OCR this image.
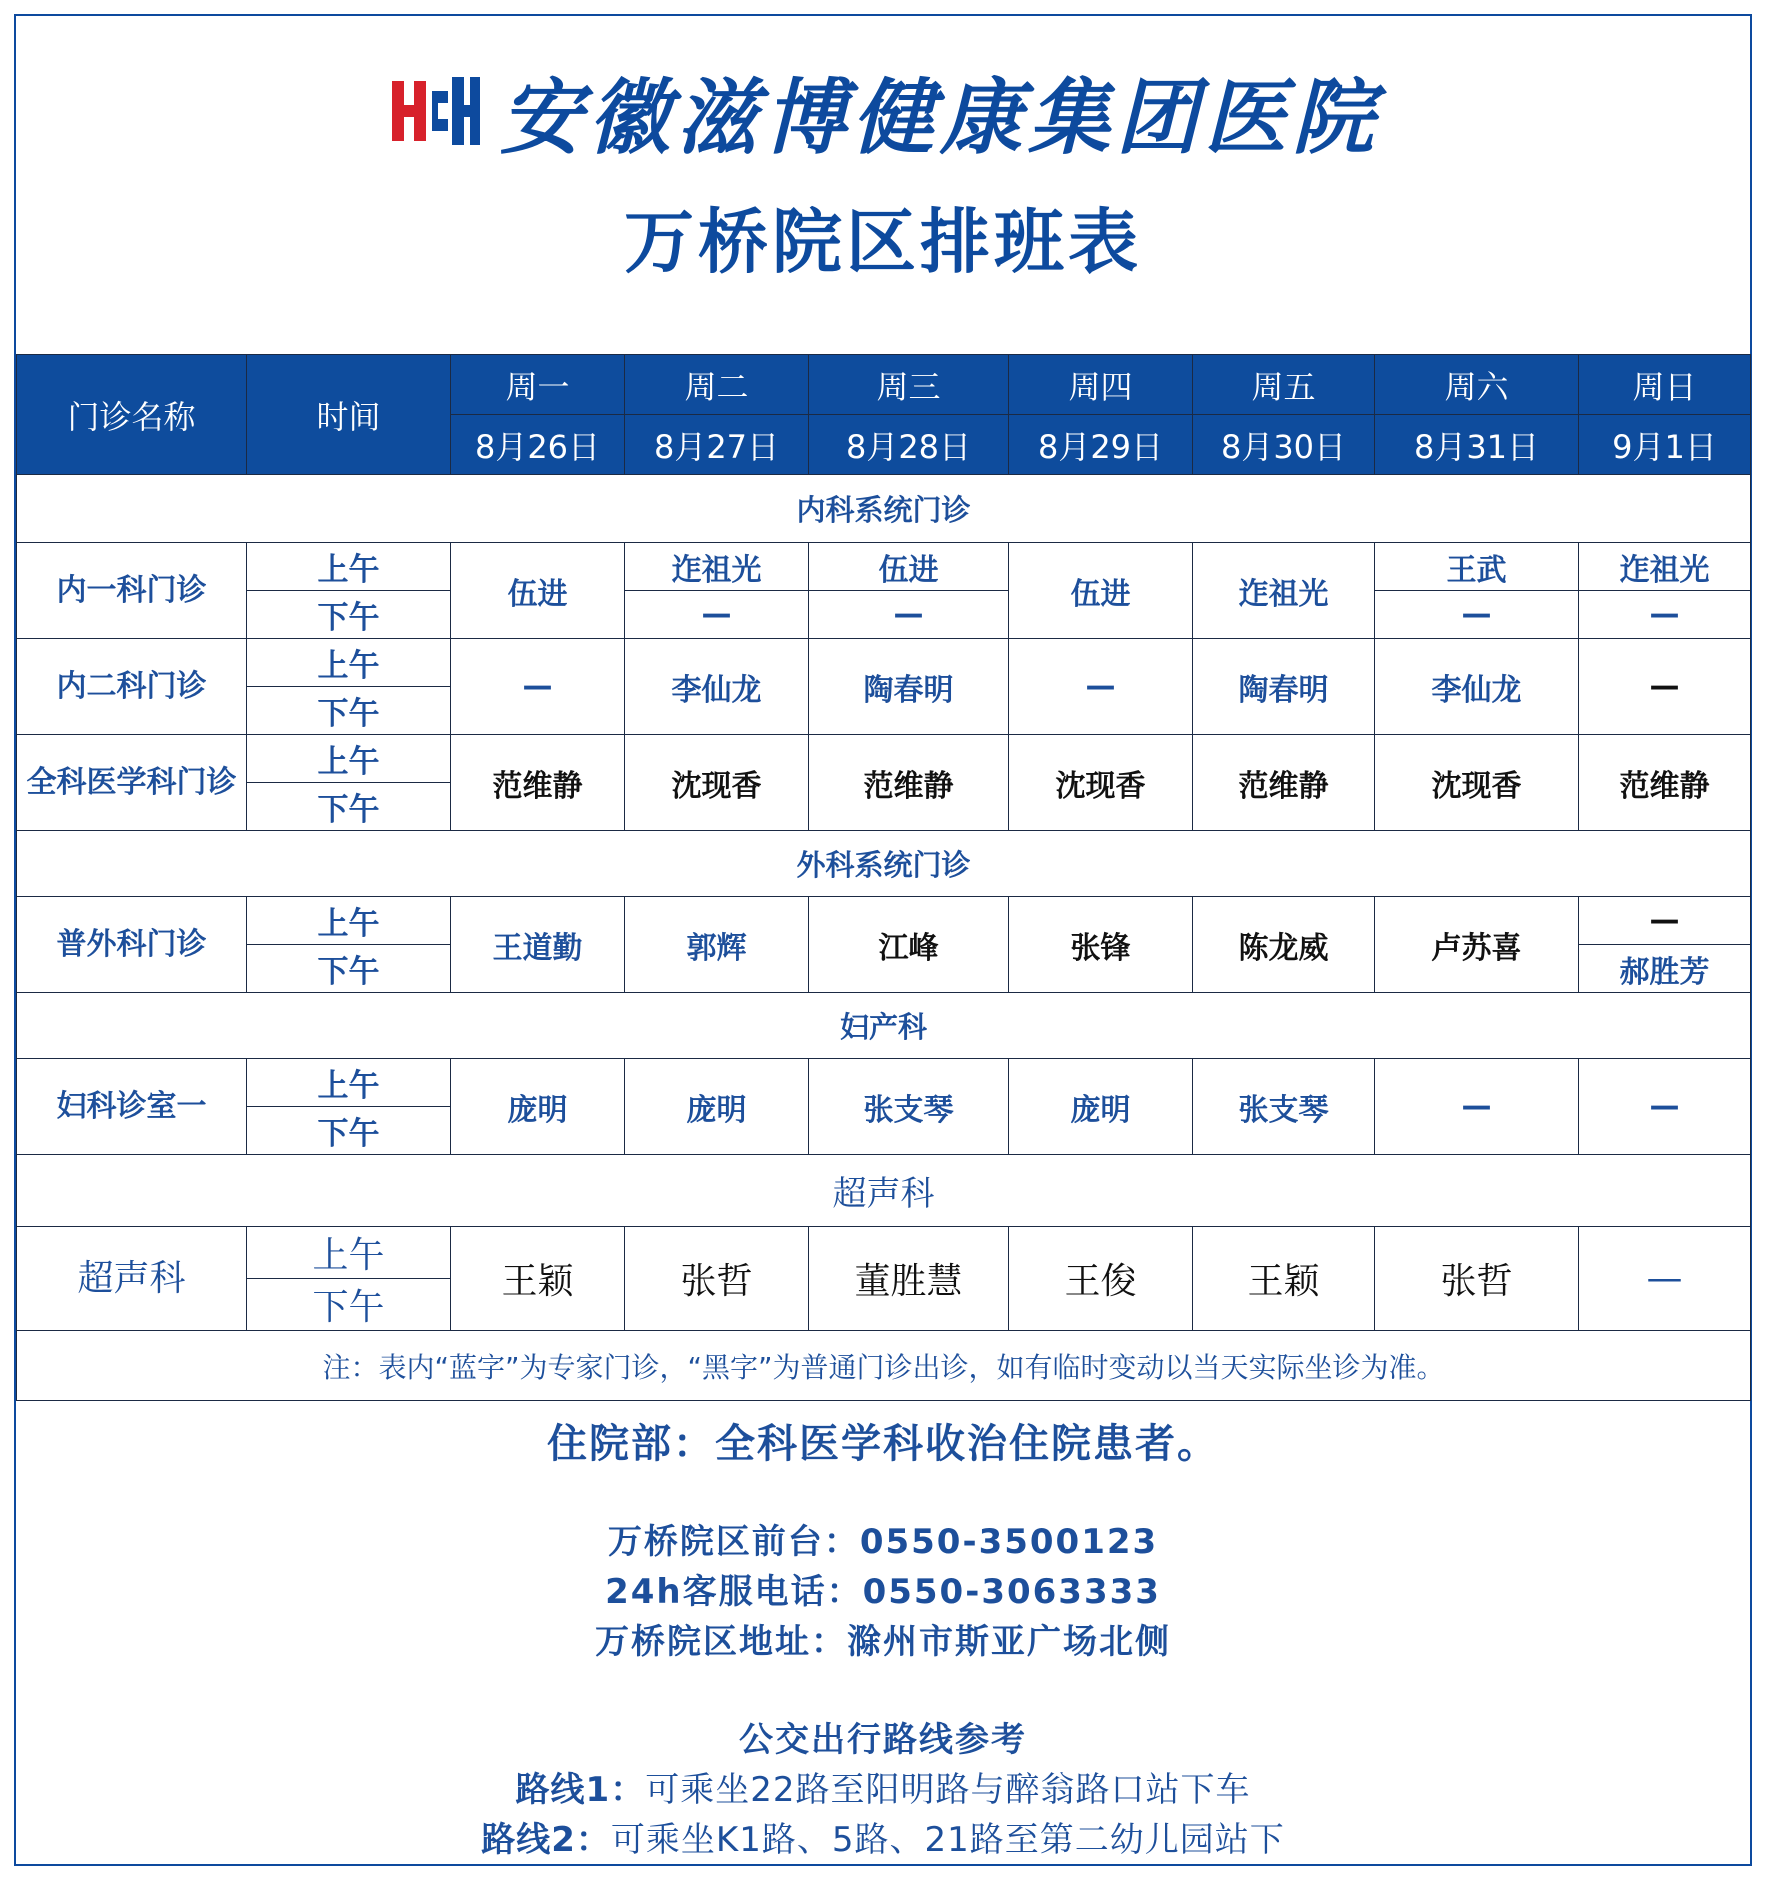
安徽滋博健康集团医院
万桥院区排班表
门诊名称	时间	周一	周二	周三	周四	周五	周六	周日
		8月26日	8月27日	8月28日	8月29日	8月30日	8月31日	9月1日
内科系统门诊								
内一科门诊	上午	伍进	迮祖光	伍进	伍进	迮祖光	王武	迮祖光
	下午		—	—			—	—
内二科门诊	上午	—	李仙龙	陶春明	—	陶春明	李仙龙	—
	下午							
全科医学科门诊	上午	范维静	沈现香	范维静	沈现香	范维静	沈现香	范维静
	下午							
外科系统门诊								
普外科门诊	上午	王道勤	郭辉	江峰	张锋	陈龙威	卢苏喜	—
	下午							郝胜芳
妇产科								
妇科诊室一	上午	庞明	庞明	张支琴	庞明	张支琴	—	—
	下午							
超声科								
超声科	上午	王颖	张哲	董胜慧	王俊	王颖	张哲	—
	下午							
注：表内“蓝字”为专家门诊，“黑字”为普通门诊出诊，如有临时变动以当天实际坐诊为准。								
住院部：全科医学科收治住院患者。
万桥院区前台：0550-3500123
24h客服电话：0550-3063333
万桥院区地址：滁州市斯亚广场北侧
公交出行路线参考
路线1：可乘坐22路至阳明路与醉翁路口站下车
路线2：可乘坐K1路、5路、21路至第二幼儿园站下
